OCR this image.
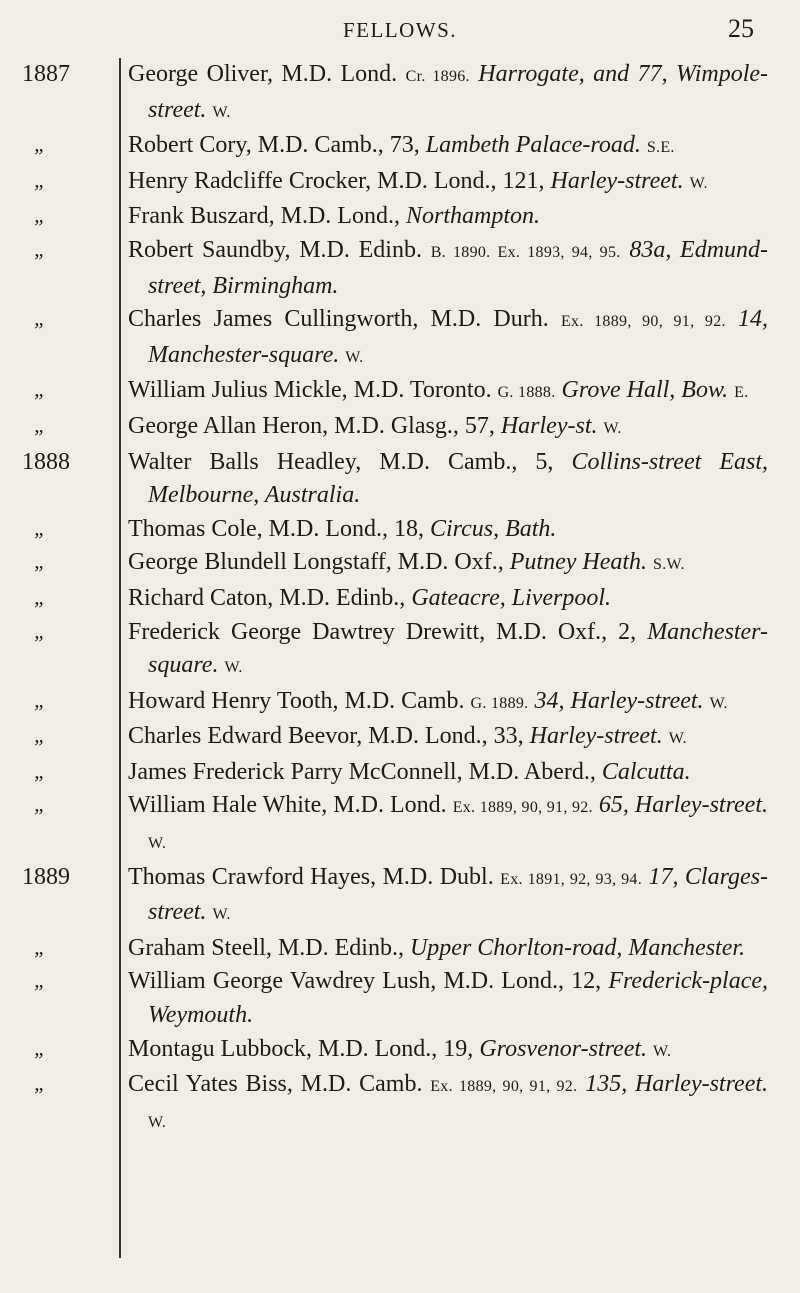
FELLOWS.	25
1887
„
„
„
„
„
„
„
1888
„
„
„
„
„
„
„
„
1889
„
„
„
„
George Oliver, M.D. Lond. Cr. 1896. Harrogate, and 77, Wimpole-street. W.
Robert Cory, M.D. Camb., 73, Lambeth Palace-road. S.E.
Henry Radcliffe Crocker, M.D. Lond., 121, Harley-street. W.
Frank Buszard, M.D. Lond., Northampton.
Robert Saundby, M.D. Edinb. B. 1890. Ex. 1893, 94, 95. 83a, Edmund-street, Birmingham.
Charles James Cullingworth, M.D. Durh. Ex. 1889, 90, 91, 92. 14, Manchester-square. W.
William Julius Mickle, M.D. Toronto. G. 1888. Grove Hall, Bow. E.
George Allan Heron, M.D. Glasg., 57, Harley-st. W.
Walter Balls Headley, M.D. Camb., 5, Collins-street East, Melbourne, Australia.
Thomas Cole, M.D. Lond., 18, Circus, Bath.
George Blundell Longstaff, M.D. Oxf., Putney Heath. S.W.
Richard Caton, M.D. Edinb., Gateacre, Liverpool.
Frederick George Dawtrey Drewitt, M.D. Oxf., 2, Manchester-square. W.
Howard Henry Tooth, M.D. Camb. G. 1889. 34, Harley-street. W.
Charles Edward Beevor, M.D. Lond., 33, Harley-street. W.
James Frederick Parry McConnell, M.D. Aberd., Calcutta.
William Hale White, M.D. Lond. Ex. 1889, 90, 91, 92. 65, Harley-street. W.
Thomas Crawford Hayes, M.D. Dubl. Ex. 1891, 92, 93, 94. 17, Clarges-street. W.
Graham Steell, M.D. Edinb., Upper Chorlton-road, Manchester.
William George Vawdrey Lush, M.D. Lond., 12, Frederick-place, Weymouth.
Montagu Lubbock, M.D. Lond., 19, Grosvenor-street. W.
Cecil Yates Biss, M.D. Camb. Ex. 1889, 90, 91, 92. 135, Harley-street. W.
